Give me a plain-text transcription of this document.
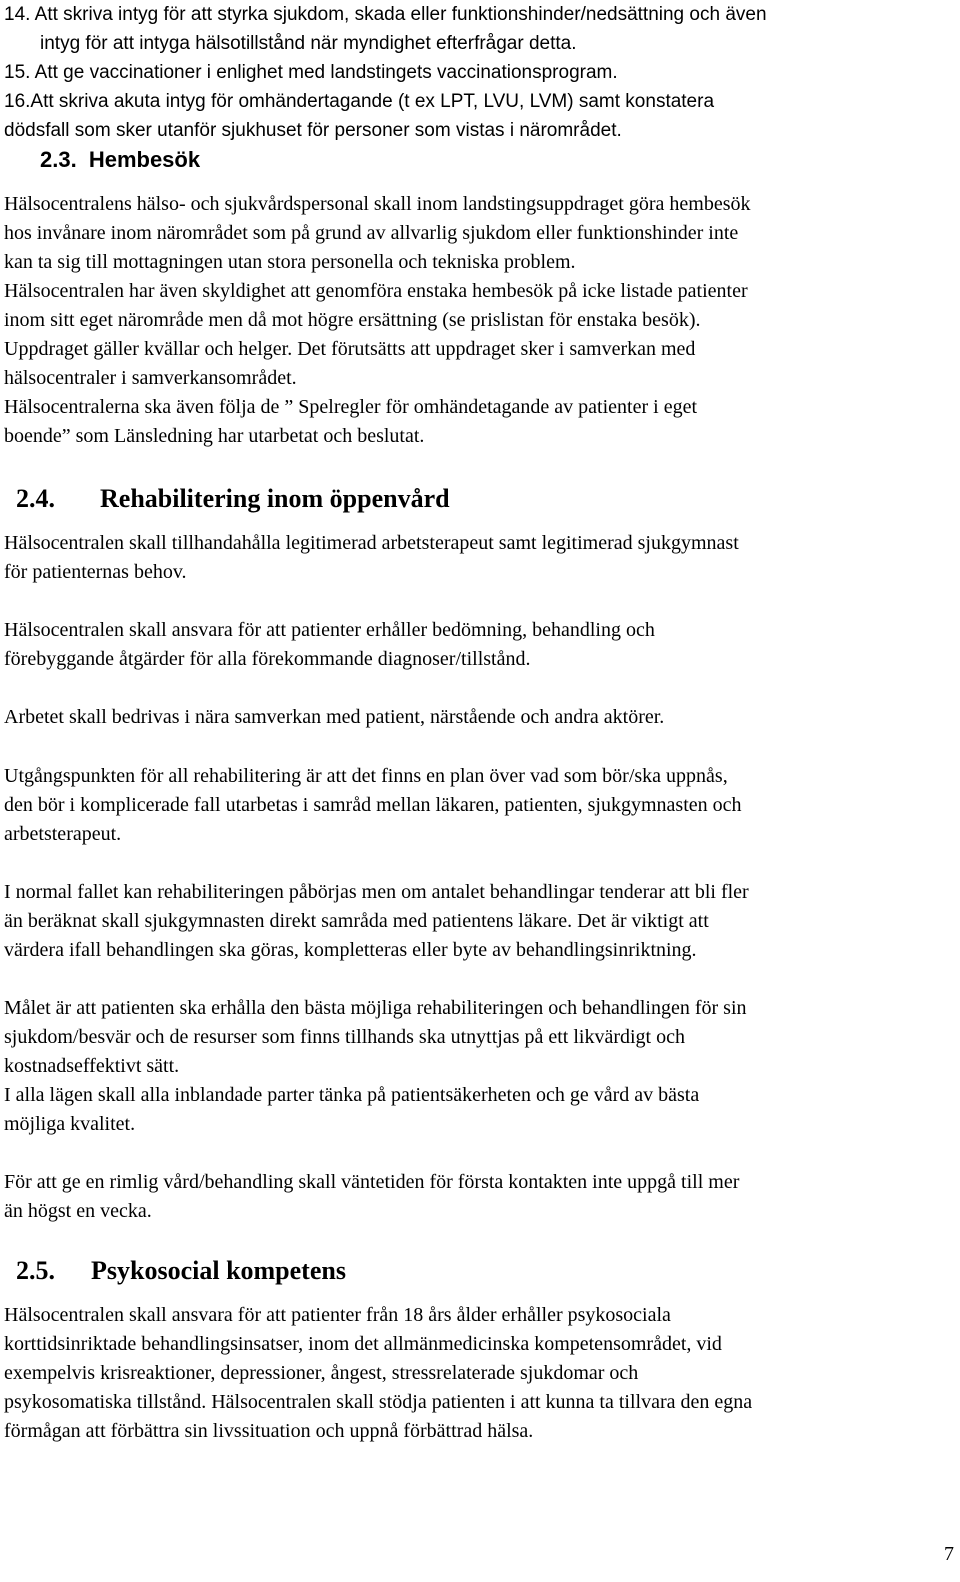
14. Att skriva intyg för att styrka sjukdom, skada eller funktionshinder/nedsättning och även
intyg för att intyga hälsotillstånd när myndighet efterfrågar detta.
15. Att ge vaccinationer i enlighet med landstingets vaccinationsprogram.
16.Att skriva akuta intyg för omhändertagande (t ex LPT, LVU, LVM) samt konstatera
dödsfall som sker utanför sjukhuset för personer som vistas i närområdet.
2.3. Hembesök
Hälsocentralens hälso- och sjukvårdspersonal skall inom landstingsuppdraget göra hembesök
hos invånare inom närområdet som på grund av allvarlig sjukdom eller funktionshinder inte
kan ta sig till mottagningen utan stora personella och tekniska problem.
Hälsocentralen har även skyldighet att genomföra enstaka hembesök på icke listade patienter
inom sitt eget närområde men då mot högre ersättning (se prislistan för enstaka besök).
Uppdraget gäller kvällar och helger. Det förutsätts att uppdraget sker i samverkan med
hälsocentraler i samverkansområdet.
Hälsocentralerna ska även följa de ” Spelregler för omhändetagande av patienter i eget
boende” som Länsledning har utarbetat och beslutat.
2.4. Rehabilitering inom öppenvård
Hälsocentralen skall tillhandahålla legitimerad arbetsterapeut samt legitimerad sjukgymnast
för patienternas behov.
Hälsocentralen skall ansvara för att patienter erhåller bedömning, behandling och
förebyggande åtgärder för alla förekommande diagnoser/tillstånd.
Arbetet skall bedrivas i nära samverkan med patient, närstående och andra aktörer.
Utgångspunkten för all rehabilitering är att det finns en plan över vad som bör/ska uppnås,
den bör i komplicerade fall utarbetas i samråd mellan läkaren, patienten, sjukgymnasten och
arbetsterapeut.
I normal fallet kan rehabiliteringen påbörjas men om antalet behandlingar tenderar att bli fler
än beräknat skall sjukgymnasten direkt samråda med patientens läkare. Det är viktigt att
värdera ifall behandlingen ska göras, kompletteras eller byte av behandlingsinriktning.
Målet är att patienten ska erhålla den bästa möjliga rehabiliteringen och behandlingen för sin
sjukdom/besvär och de resurser som finns tillhands ska utnyttjas på ett likvärdigt och
kostnadseffektivt sätt.
I alla lägen skall alla inblandade parter tänka på patientsäkerheten och ge vård av bästa
möjliga kvalitet.
För att ge en rimlig vård/behandling skall väntetiden för första kontakten inte uppgå till mer
än högst en vecka.
2.5. Psykosocial kompetens
Hälsocentralen skall ansvara för att patienter från 18 års ålder erhåller psykosociala
korttidsinriktade behandlingsinsatser, inom det allmänmedicinska kompetensområdet, vid
exempelvis krisreaktioner, depressioner, ångest, stressrelaterade sjukdomar och
psykosomatiska tillstånd. Hälsocentralen skall stödja patienten i att kunna ta tillvara den egna
förmågan att förbättra sin livssituation och uppnå förbättrad hälsa.
7
